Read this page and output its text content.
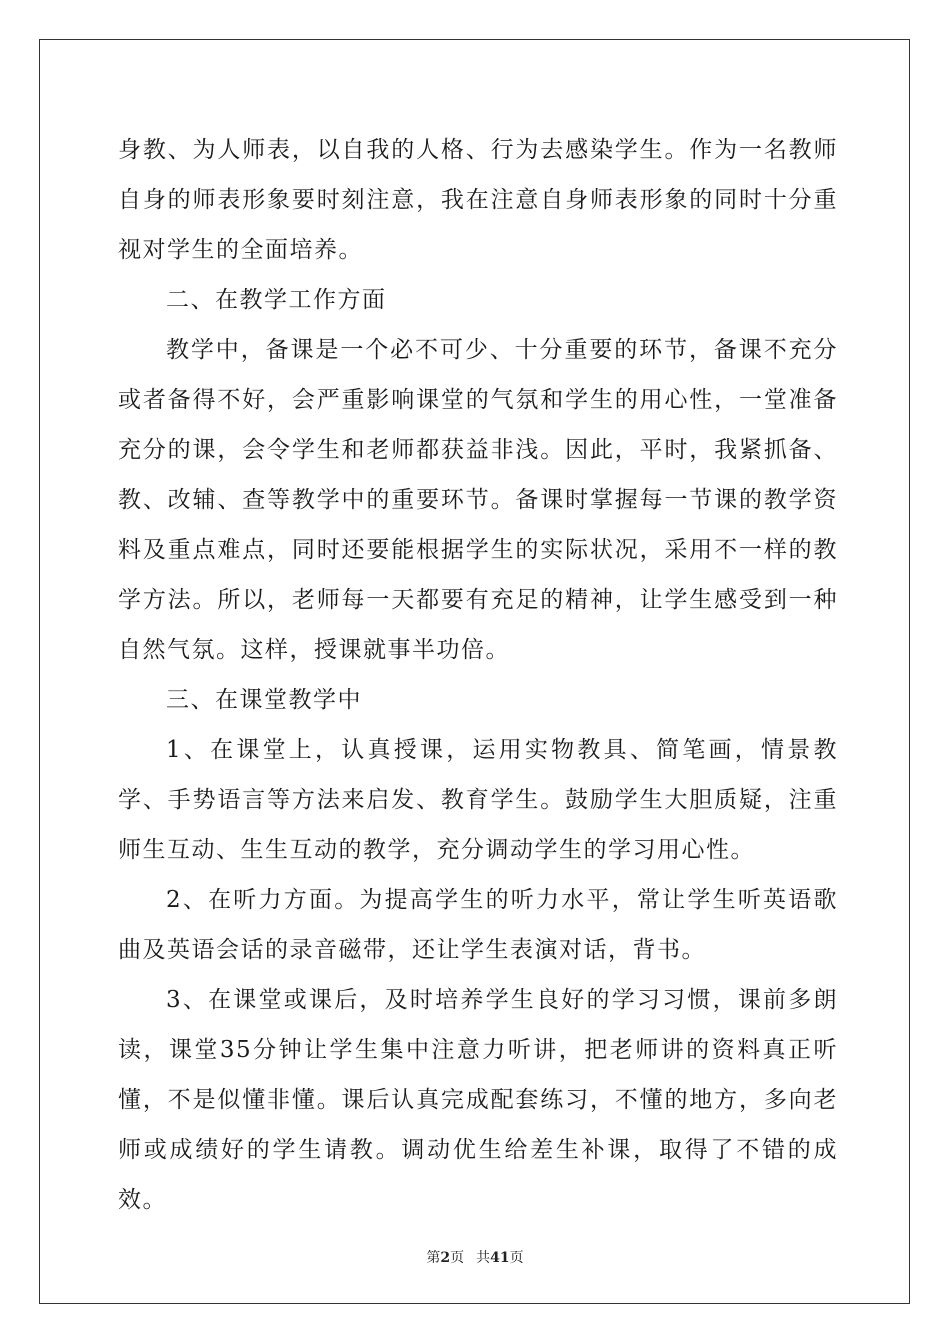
身教、为人师表，以自我的人格、行为去感染学生。作为一名教师自身的师表形象要时刻注意，我在注意自身师表形象的同时十分重视对学生的全面培养。

二、在教学工作方面

教学中，备课是一个必不可少、十分重要的环节，备课不充分或者备得不好，会严重影响课堂的气氛和学生的用心性，一堂准备充分的课，会令学生和老师都获益非浅。因此，平时，我紧抓备、教、改辅、查等教学中的重要环节。备课时掌握每一节课的教学资料及重点难点，同时还要能根据学生的实际状况，采用不一样的教学方法。所以，老师每一天都要有充足的精神，让学生感受到一种自然气氛。这样，授课就事半功倍。

三、在课堂教学中

1、在课堂上，认真授课，运用实物教具、简笔画，情景教学、手势语言等方法来启发、教育学生。鼓励学生大胆质疑，注重师生互动、生生互动的教学，充分调动学生的学习用心性。

2、在听力方面。为提高学生的听力水平，常让学生听英语歌曲及英语会话的录音磁带，还让学生表演对话，背书。

3、在课堂或课后，及时培养学生良好的学习习惯，课前多朗读，课堂35分钟让学生集中注意力听讲，把老师讲的资料真正听懂，不是似懂非懂。课后认真完成配套练习，不懂的地方，多向老师或成绩好的学生请教。调动优生给差生补课，取得了不错的成效。

第2页 共41页
